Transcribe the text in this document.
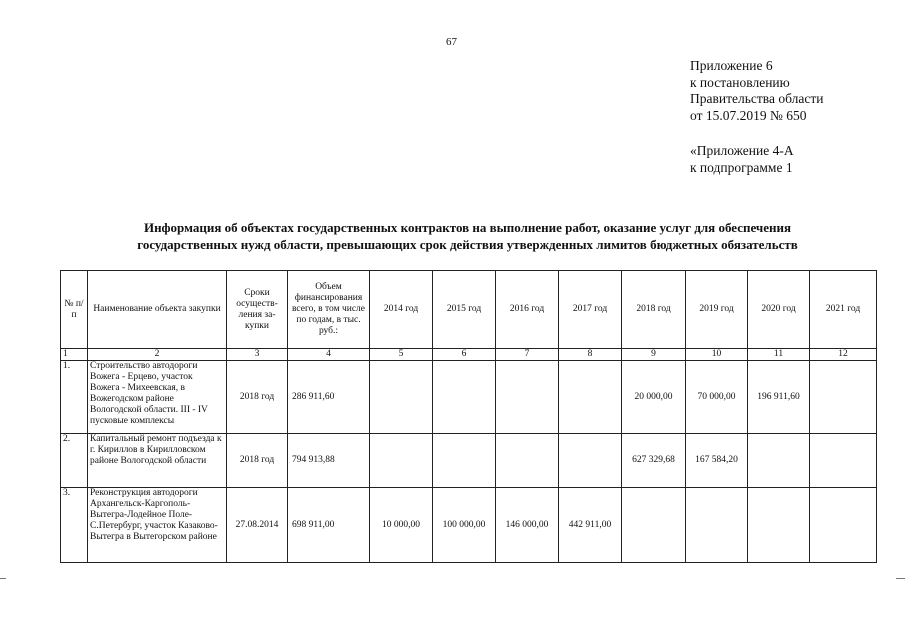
67
Приложение 6
к постановлению
Правительства области
от 15.07.2019 № 650
«Приложение 4-А
к подпрограмме 1
Информация об объектах государственных контрактов на выполнение работ, оказание услуг для обеспечения
государственных нужд области, превышающих срок действия утвержденных лимитов бюджетных обязательств
№ п/п	Наименование объекта закупки	Сроки осуществ-ления за-купки	Объем финансирования всего, в том числе по годам, в тыс. руб.:	2014 год	2015 год	2016 год	2017 год	2018 год	2019 год	2020 год	2021 год
1	2	3	4	5	6	7	8	9	10	11	12
1.	Строительство автодороги Вожега - Ерцево, участок Вожега - Михеевская, в Вожегодском районе Вологодской области. III - IV пусковые комплексы	2018 год	286 911,60					20 000,00	70 000,00	196 911,60	
2.	Капитальный ремонт подъезда к г. Кириллов в Кирилловском районе Вологодской области	2018 год	794 913,88					627 329,68	167 584,20		
3.	Реконструкция автодороги Архангельск-Каргополь-Вытегра-Лодейное Поле-С.Петербург, участок Казаково-Вытегра в Вытегорском районе	27.08.2014	698 911,00	10 000,00	100 000,00	146 000,00	442 911,00				
